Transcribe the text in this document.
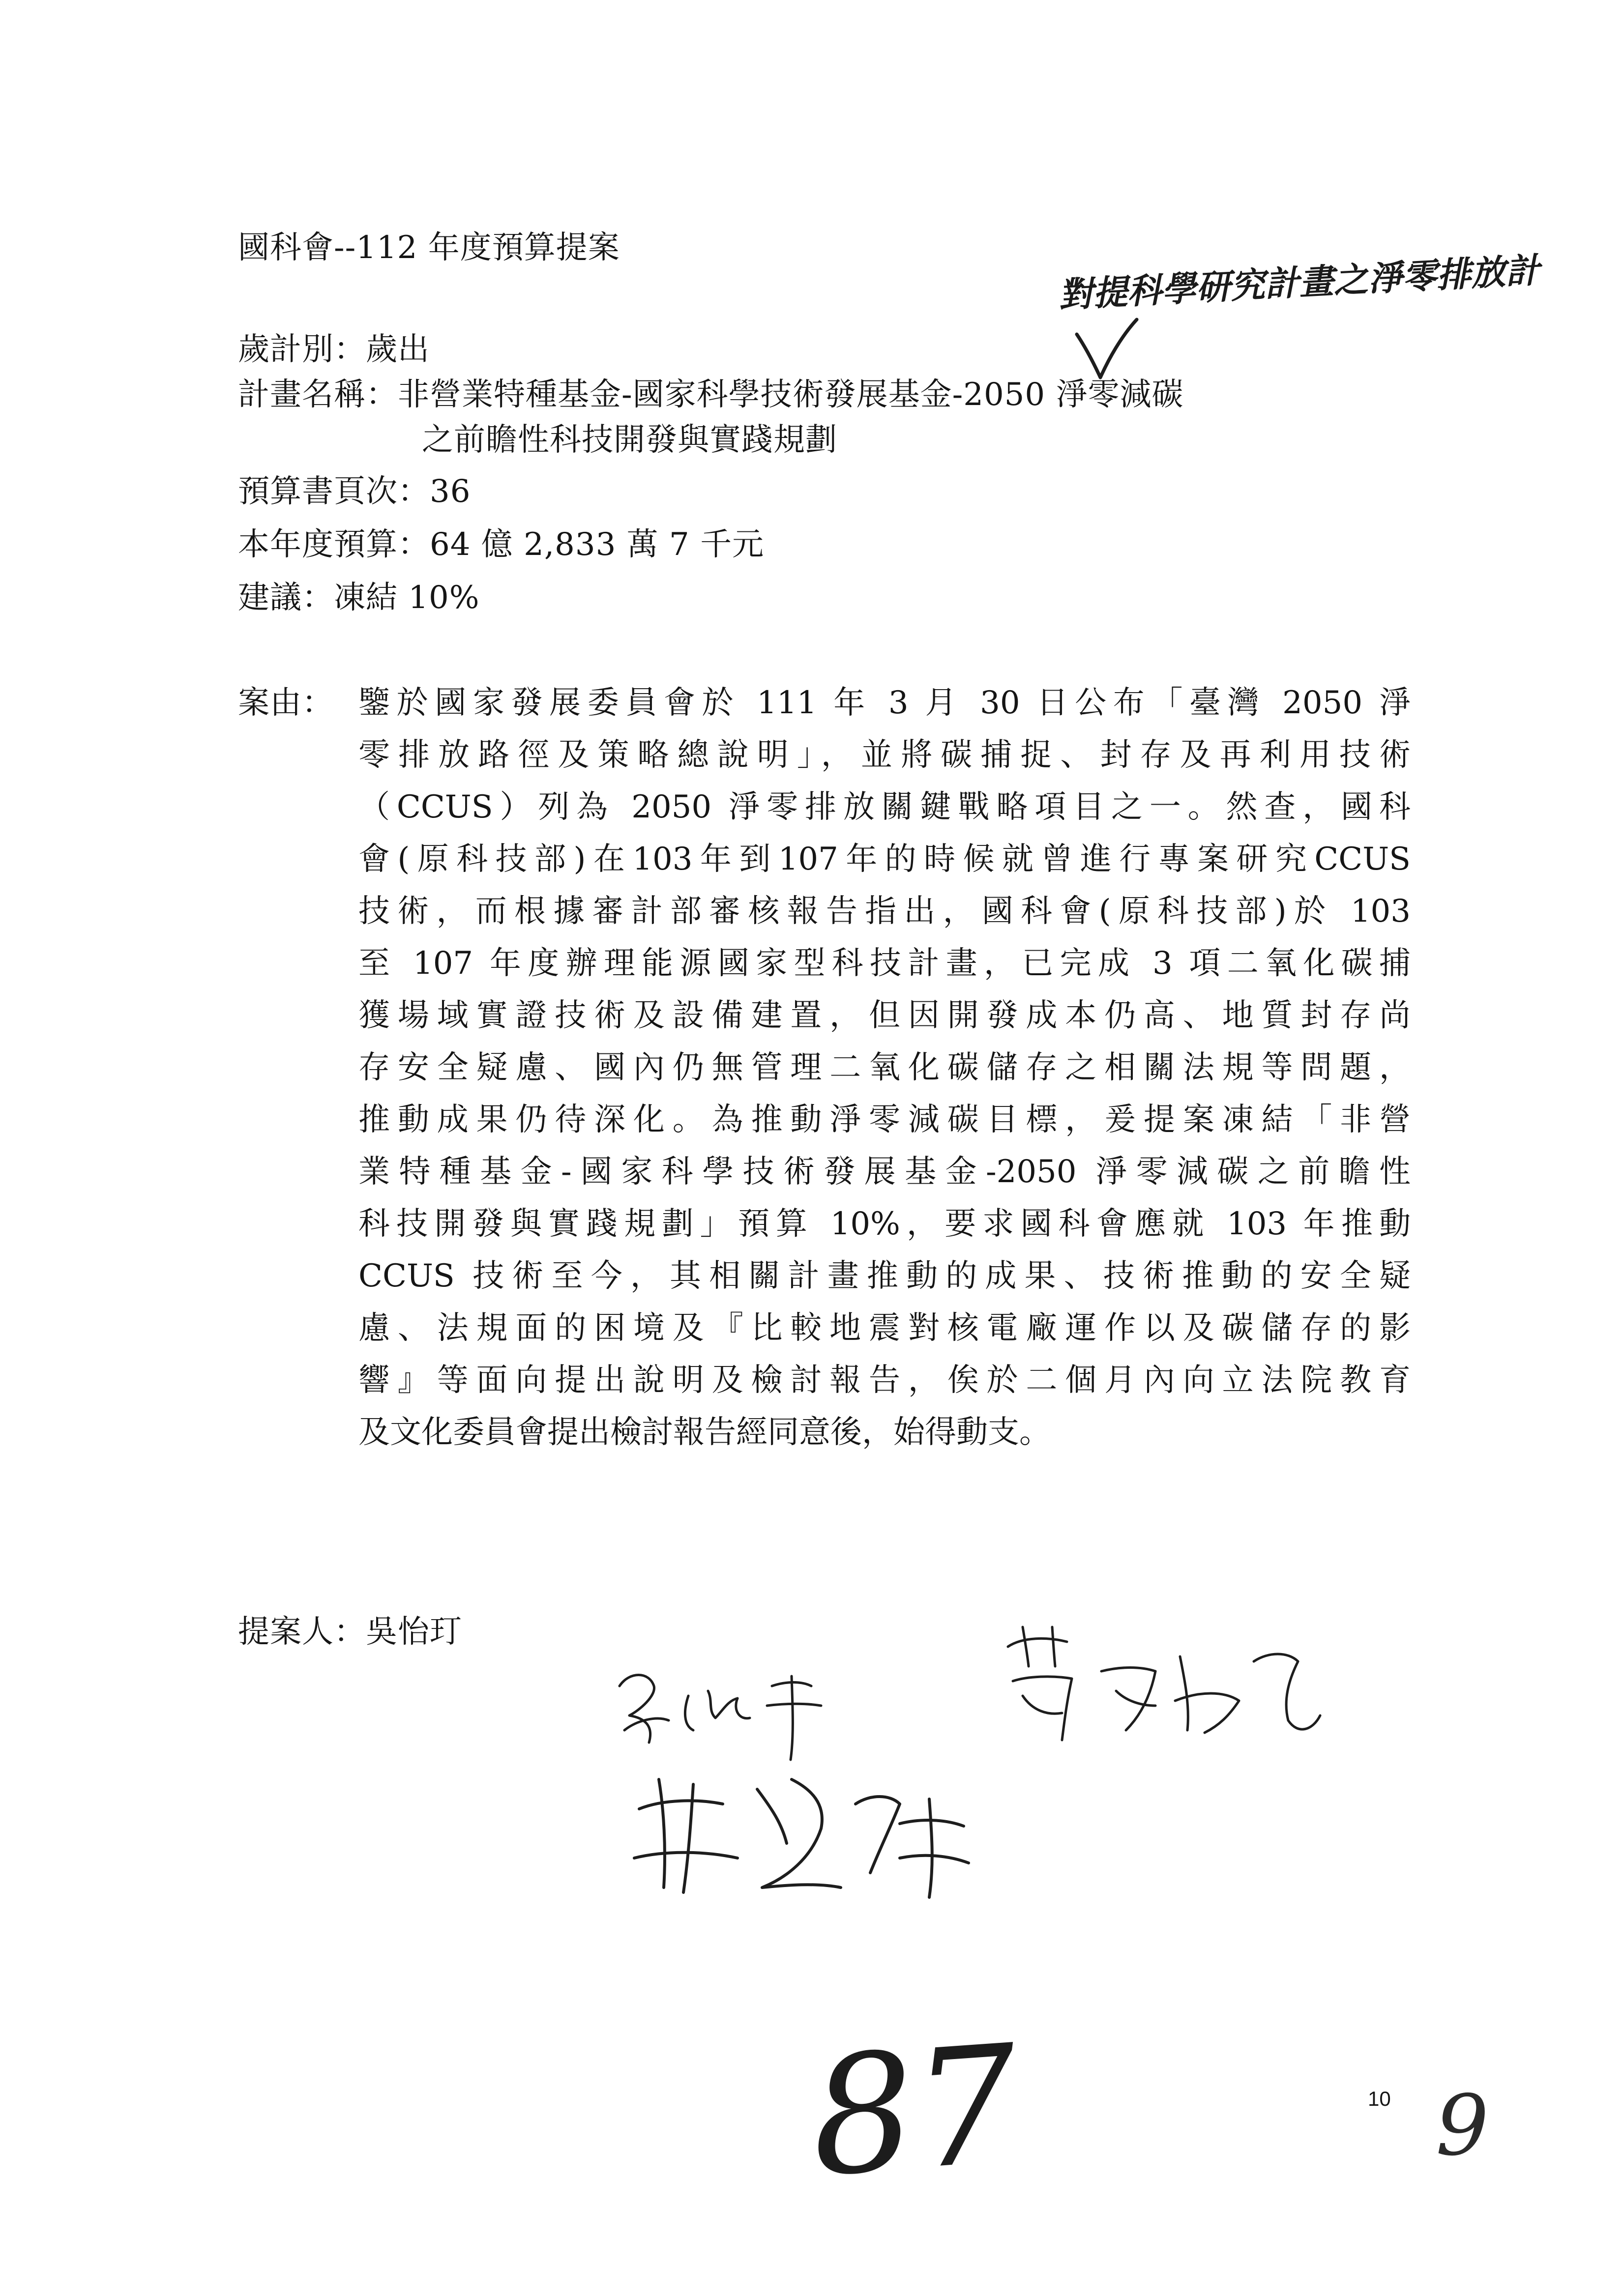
國科會--112 年度預算提案
歲計別：歲出
計畫名稱：非營業特種基金-國家科學技術發展基金-2050 淨零減碳
之前瞻性科技開發與實踐規劃
預算書頁次：36
本年度預算：64 億 2,833 萬 7 千元
建議：凍結 10%
案由： 鑒於國家發展委員會於 111 年 3 月 30 日公布「臺灣 2050 淨
零排放路徑及策略總說明」，並將碳捕捉、封存及再利用技術
（CCUS）列為 2050 淨零排放關鍵戰略項目之一。然查，國科
會(原科技部)在103年到107年的時候就曾進行專案研究CCUS
技術，而根據審計部審核報告指出，國科會(原科技部)於 103
至 107 年度辦理能源國家型科技計畫，已完成 3 項二氧化碳捕
獲場域實證技術及設備建置，但因開發成本仍高、地質封存尚
存安全疑慮、國內仍無管理二氧化碳儲存之相關法規等問題，
推動成果仍待深化。為推動淨零減碳目標，爰提案凍結「非營
業特種基金-國家科學技術發展基金-2050 淨零減碳之前瞻性
科技開發與實踐規劃」預算 10%，要求國科會應就 103 年推動
CCUS 技術至今，其相關計畫推動的成果、技術推動的安全疑
慮、法規面的困境及『比較地震對核電廠運作以及碳儲存的影
響』等面向提出說明及檢討報告，俟於二個月內向立法院教育
及文化委員會提出檢討報告經同意後，始得動支。
提案人：吳怡玎
對提科學研究計畫之淨零排放計
87	10 9
